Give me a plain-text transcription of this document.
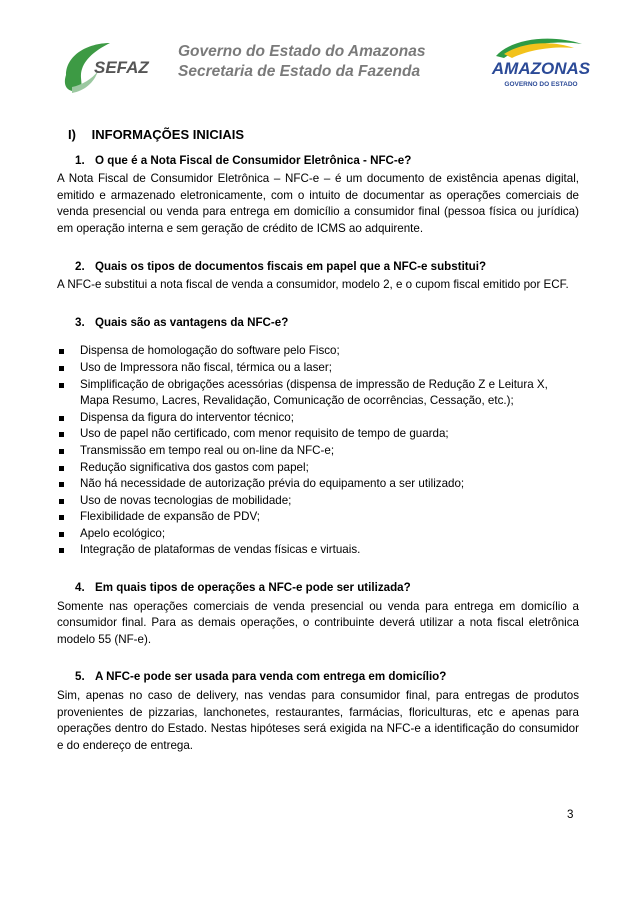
SEFAZ
Governo do Estado do Amazonas
Secretaria de Estado da Fazenda	AMAZONAS
GOVERNO DO ESTADO
I) INFORMAÇÕES INICIAIS
1. O que é a Nota Fiscal de Consumidor Eletrônica - NFC-e?

A Nota Fiscal de Consumidor Eletrônica – NFC-e – é um documento de existência apenas digital, emitido e armazenado eletronicamente, com o intuito de documentar as operações comerciais de venda presencial ou venda para entrega em domicílio a consumidor final (pessoa física ou jurídica) em operação interna e sem geração de crédito de ICMS ao adquirente.

2. Quais os tipos de documentos fiscais em papel que a NFC-e substitui?

A NFC-e substitui a nota fiscal de venda a consumidor, modelo 2, e o cupom fiscal emitido por ECF.

3. Quais são as vantagens da NFC-e?
Dispensa de homologação do software pelo Fisco;
Uso de Impressora não fiscal, térmica ou a laser;
Simplificação de obrigações acessórias (dispensa de impressão de Redução Z e Leitura X, Mapa Resumo, Lacres, Revalidação, Comunicação de ocorrências, Cessação, etc.);
Dispensa da figura do interventor técnico;
Uso de papel não certificado, com menor requisito de tempo de guarda;
Transmissão em tempo real ou on-line da NFC-e;
Redução significativa dos gastos com papel;
Não há necessidade de autorização prévia do equipamento a ser utilizado;
Uso de novas tecnologias de mobilidade;
Flexibilidade de expansão de PDV;
Apelo ecológico;
Integração de plataformas de vendas físicas e virtuais.
4. Em quais tipos de operações a NFC-e pode ser utilizada?

Somente nas operações comerciais de venda presencial ou venda para entrega em domicílio a consumidor final. Para as demais operações, o contribuinte deverá utilizar a nota fiscal eletrônica modelo 55 (NF-e).

5. A NFC-e pode ser usada para venda com entrega em domicílio?

Sim, apenas no caso de delivery, nas vendas para consumidor final, para entregas de produtos provenientes de pizzarias, lanchonetes, restaurantes, farmácias, floriculturas, etc e apenas para operações dentro do Estado. Nestas hipóteses será exigida na NFC-e a identificação do consumidor e do endereço de entrega.

3
